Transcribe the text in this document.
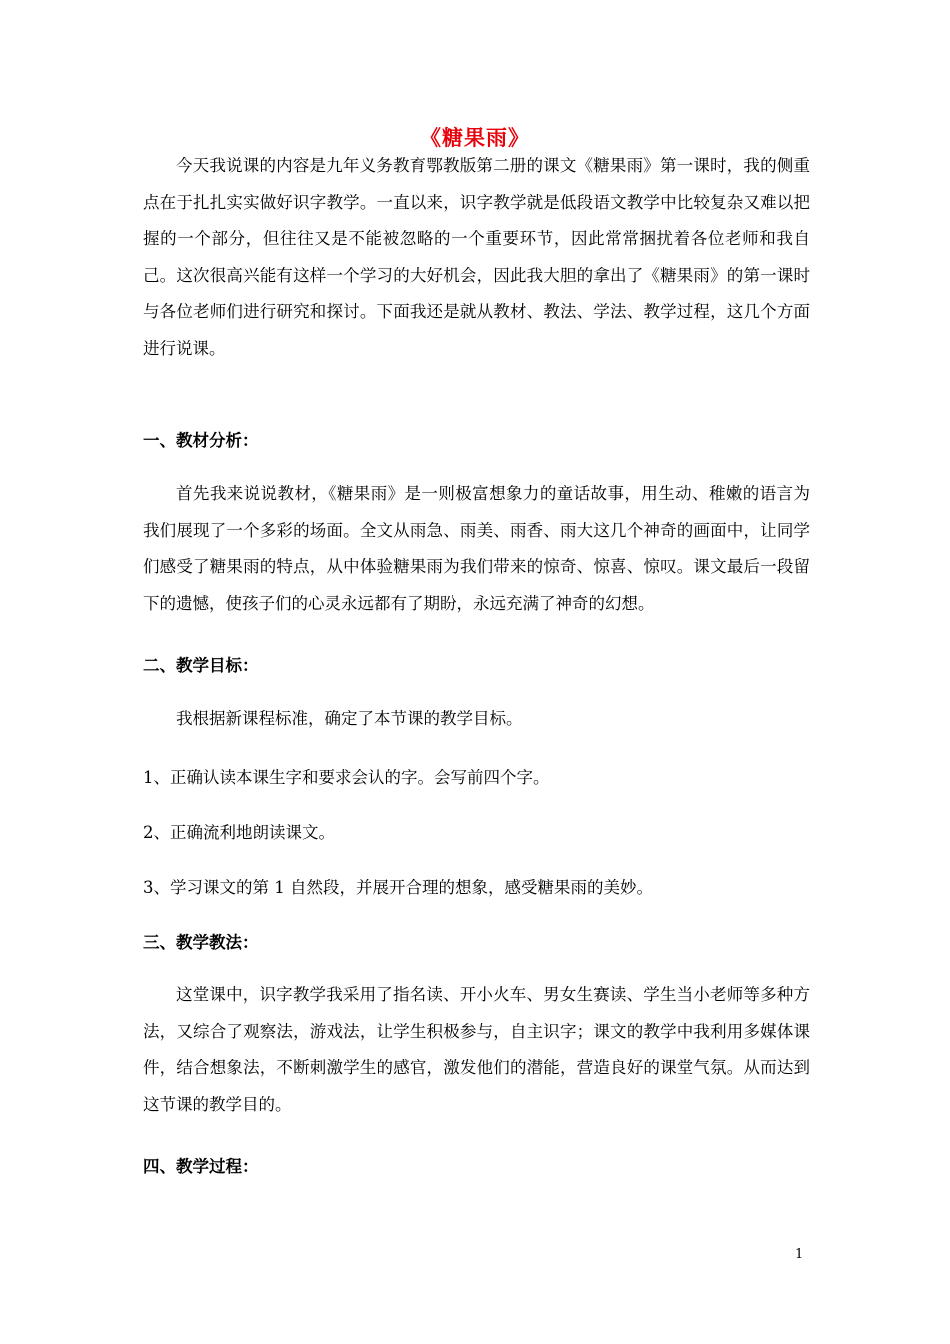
《糖果雨》

今天我说课的内容是九年义务教育鄂教版第二册的课文《糖果雨》第一课时，我的侧重点在于扎扎实实做好识字教学。一直以来，识字教学就是低段语文教学中比较复杂又难以把握的一个部分，但往往又是不能被忽略的一个重要环节，因此常常捆扰着各位老师和我自己。这次很高兴能有这样一个学习的大好机会，因此我大胆的拿出了《糖果雨》的第一课时与各位老师们进行研究和探讨。下面我还是就从教材、教法、学法、教学过程，这几个方面进行说课。

一、教材分析：

首先我来说说教材，《糖果雨》是一则极富想象力的童话故事，用生动、稚嫩的语言为我们展现了一个多彩的场面。全文从雨急、雨美、雨香、雨大这几个神奇的画面中，让同学们感受了糖果雨的特点，从中体验糖果雨为我们带来的惊奇、惊喜、惊叹。课文最后一段留下的遗憾，使孩子们的心灵永远都有了期盼，永远充满了神奇的幻想。

二、教学目标：

我根据新课程标准，确定了本节课的教学目标。

1、正确认读本课生字和要求会认的字。会写前四个字。

2、正确流利地朗读课文。

3、学习课文的第 1 自然段，并展开合理的想象，感受糖果雨的美妙。

三、教学教法：

这堂课中，识字教学我采用了指名读、开小火车、男女生赛读、学生当小老师等多种方法，又综合了观察法，游戏法，让学生积极参与，自主识字；课文的教学中我利用多媒体课件，结合想象法，不断刺激学生的感官，激发他们的潜能，营造良好的课堂气氛。从而达到这节课的教学目的。

四、教学过程：
1
